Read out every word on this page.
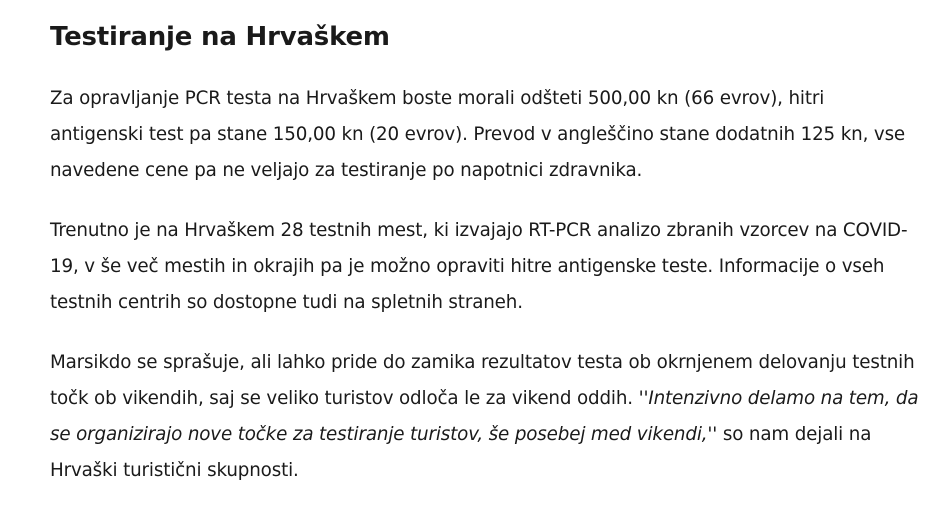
Testiranje na Hrvaškem

Za opravljanje PCR testa na Hrvaškem boste morali odšteti 500,00 kn (66 evrov), hitri antigenski test pa stane 150,00 kn (20 evrov). Prevod v angleščino stane dodatnih 125 kn, vse navedene cene pa ne veljajo za testiranje po napotnici zdravnika.

Trenutno je na Hrvaškem 28 testnih mest, ki izvajajo RT-PCR analizo zbranih vzorcev na COVID-19, v še več mestih in okrajih pa je možno opraviti hitre antigenske teste. Informacije o vseh testnih centrih so dostopne tudi na spletnih straneh.

Marsikdo se sprašuje, ali lahko pride do zamika rezultatov testa ob okrnjenem delovanju testnih točk ob vikendih, saj se veliko turistov odloča le za vikend oddih. ''Intenzivno delamo na tem, da se organizirajo nove točke za testiranje turistov, še posebej med vikendi,'' so nam dejali na Hrvaški turistični skupnosti.
